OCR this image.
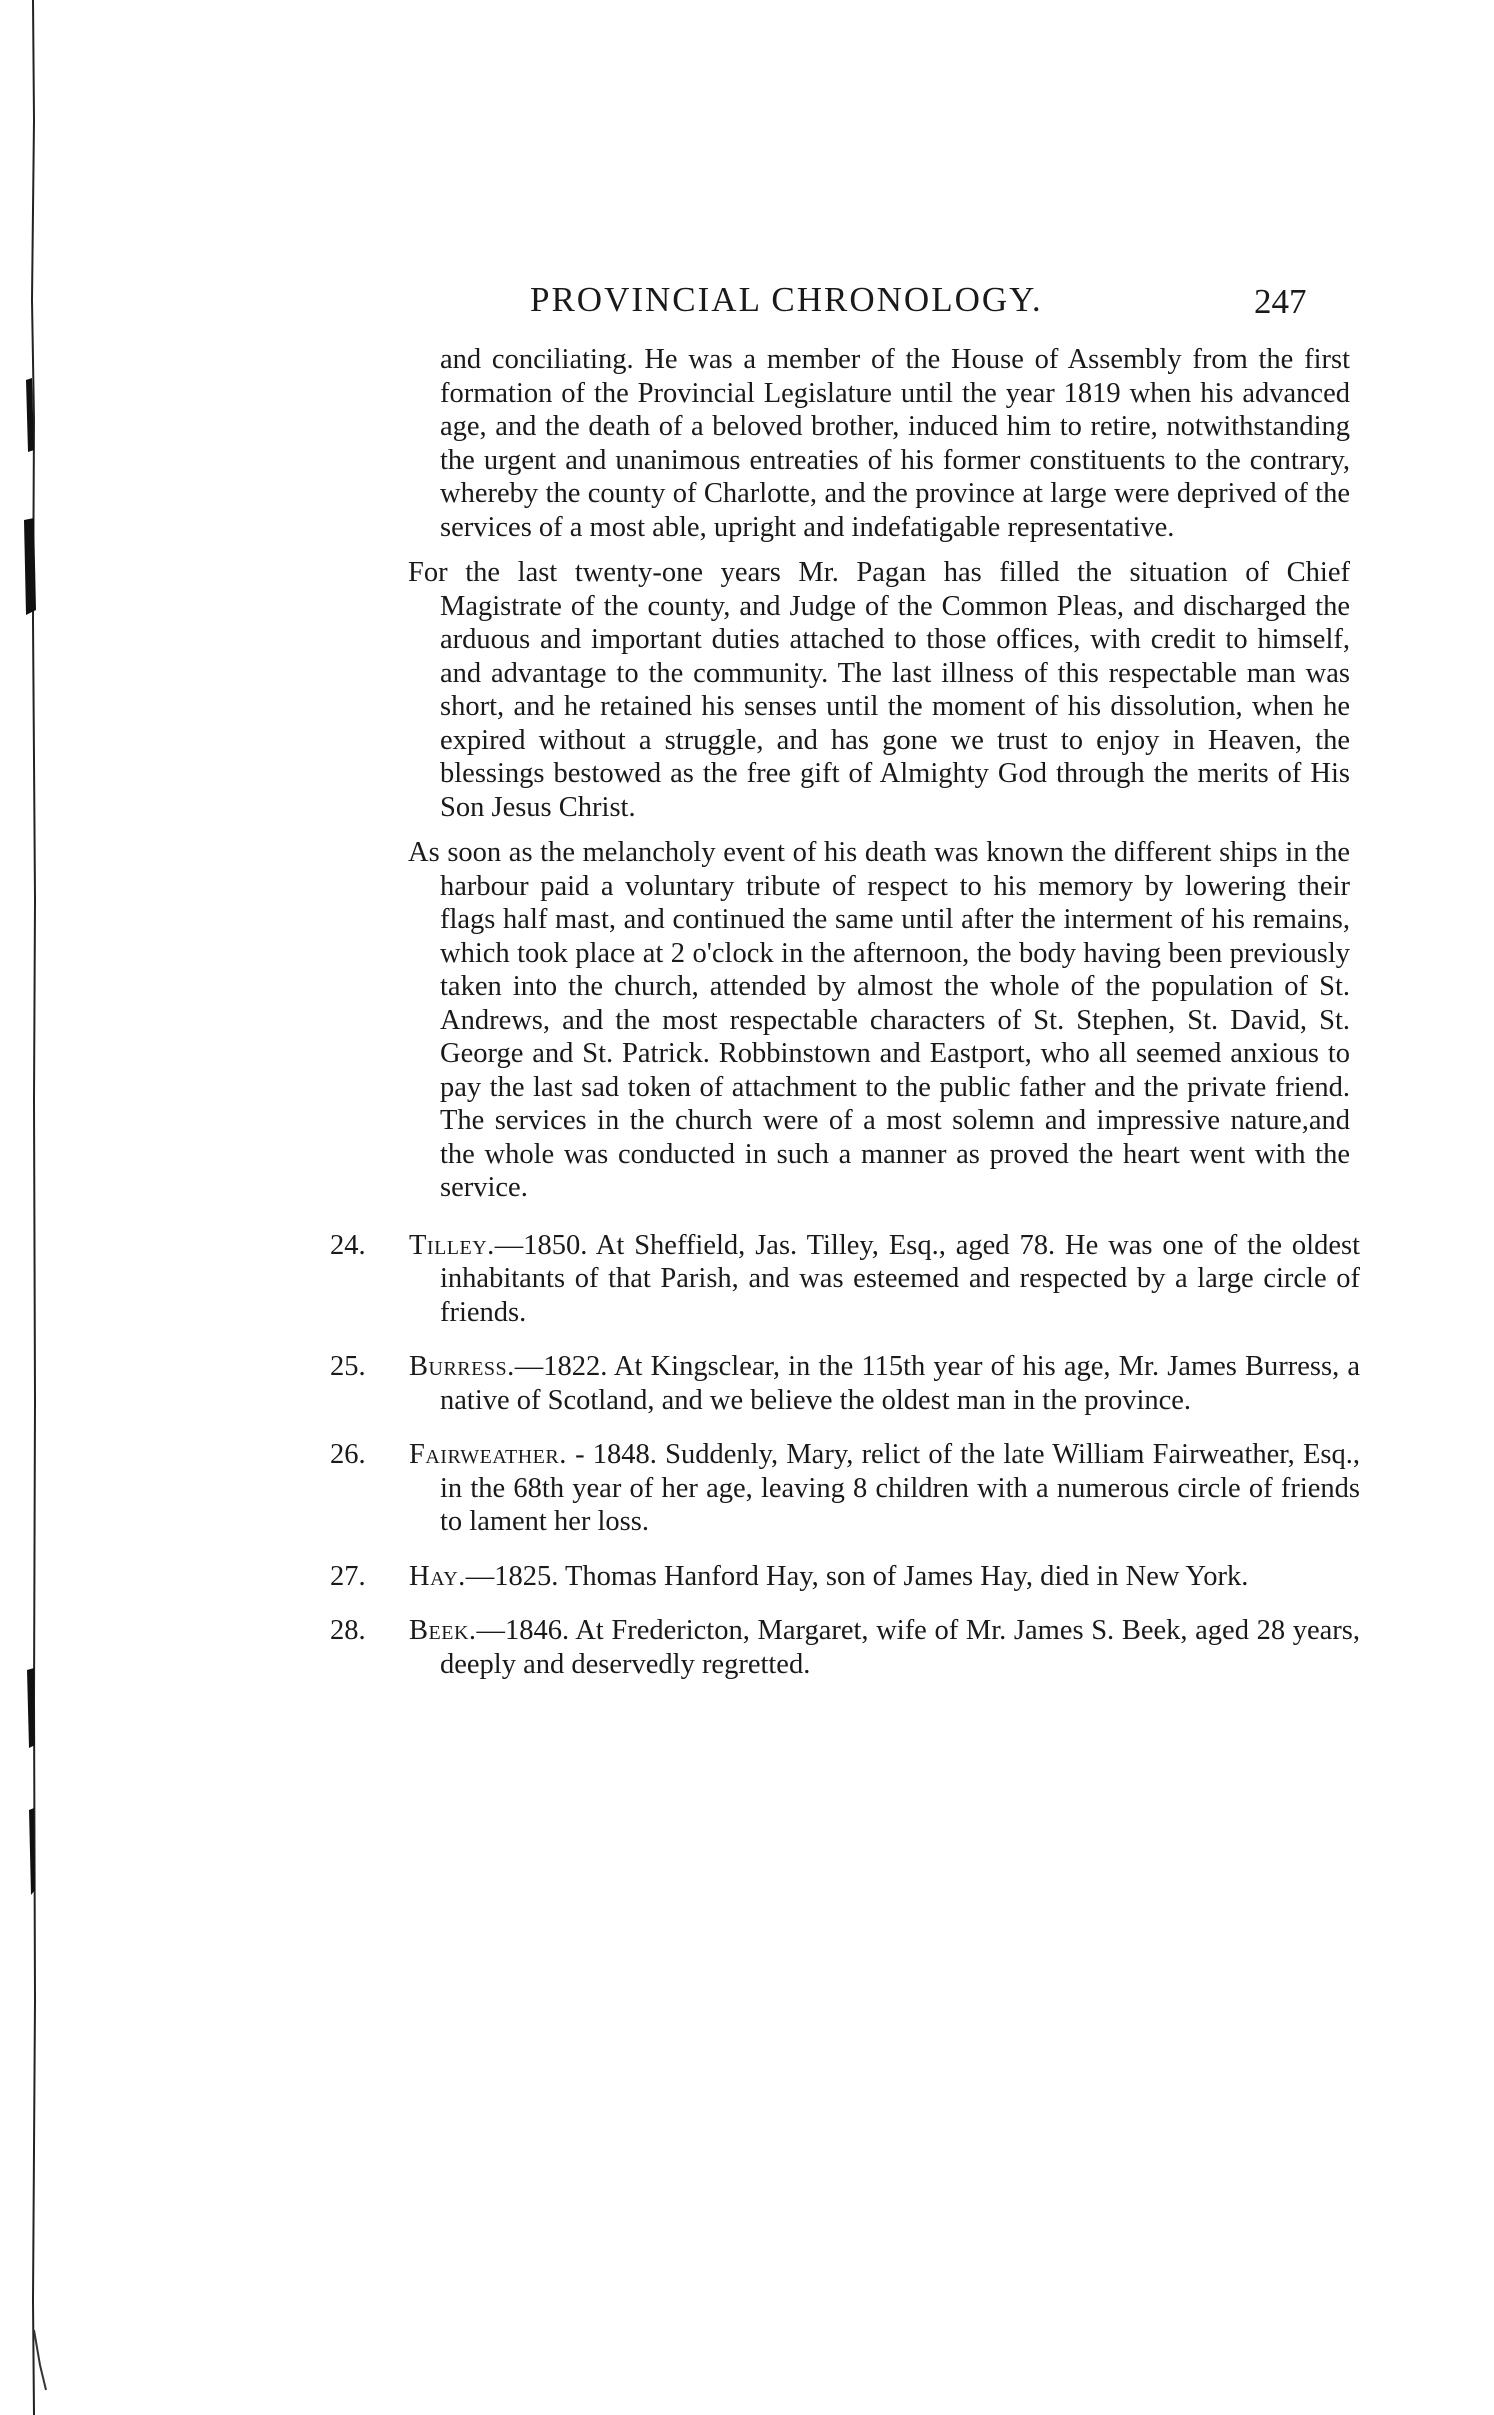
PROVINCIAL CHRONOLOGY.	247

and conciliating. He was a member of the House of Assembly from the first formation of the Provincial Legislature until the year 1819 when his advanced age, and the death of a beloved brother, induced him to retire, notwithstanding the urgent and unanimous entreaties of his former constituents to the contrary, whereby the county of Charlotte, and the province at large were deprived of the services of a most able, upright and indefatigable representative.

For the last twenty-one years Mr. Pagan has filled the situation of Chief Magistrate of the county, and Judge of the Common Pleas, and discharged the arduous and important duties attached to those offices, with credit to himself, and advantage to the community. The last illness of this respectable man was short, and he retained his senses until the moment of his dissolution, when he expired without a struggle, and has gone we trust to enjoy in Heaven, the blessings bestowed as the free gift of Almighty God through the merits of His Son Jesus Christ.

As soon as the melancholy event of his death was known the different ships in the harbour paid a voluntary tribute of respect to his memory by lowering their flags half mast, and continued the same until after the interment of his remains, which took place at 2 o'clock in the afternoon, the body having been previously taken into the church, attended by almost the whole of the population of St. Andrews, and the most respectable characters of St. Stephen, St. David, St. George and St. Patrick. Robbinstown and Eastport, who all seemed anxious to pay the last sad token of attachment to the public father and the private friend. The services in the church were of a most solemn and impressive nature,and the whole was conducted in such a manner as proved the heart went with the service.

24.	Tilley.—1850. At Sheffield, Jas. Tilley, Esq., aged 78. He was one of the oldest inhabitants of that Parish, and was esteemed and respected by a large circle of friends.
25.	Burress.—1822. At Kingsclear, in the 115th year of his age, Mr. James Burress, a native of Scotland, and we believe the oldest man in the province.
26.	Fairweather. - 1848. Suddenly, Mary, relict of the late William Fairweather, Esq., in the 68th year of her age, leaving 8 children with a numerous circle of friends to lament her loss.
27.	Hay.—1825. Thomas Hanford Hay, son of James Hay, died in New York.
28.	Beek.—1846. At Fredericton, Margaret, wife of Mr. James S. Beek, aged 28 years, deeply and deservedly regretted.
